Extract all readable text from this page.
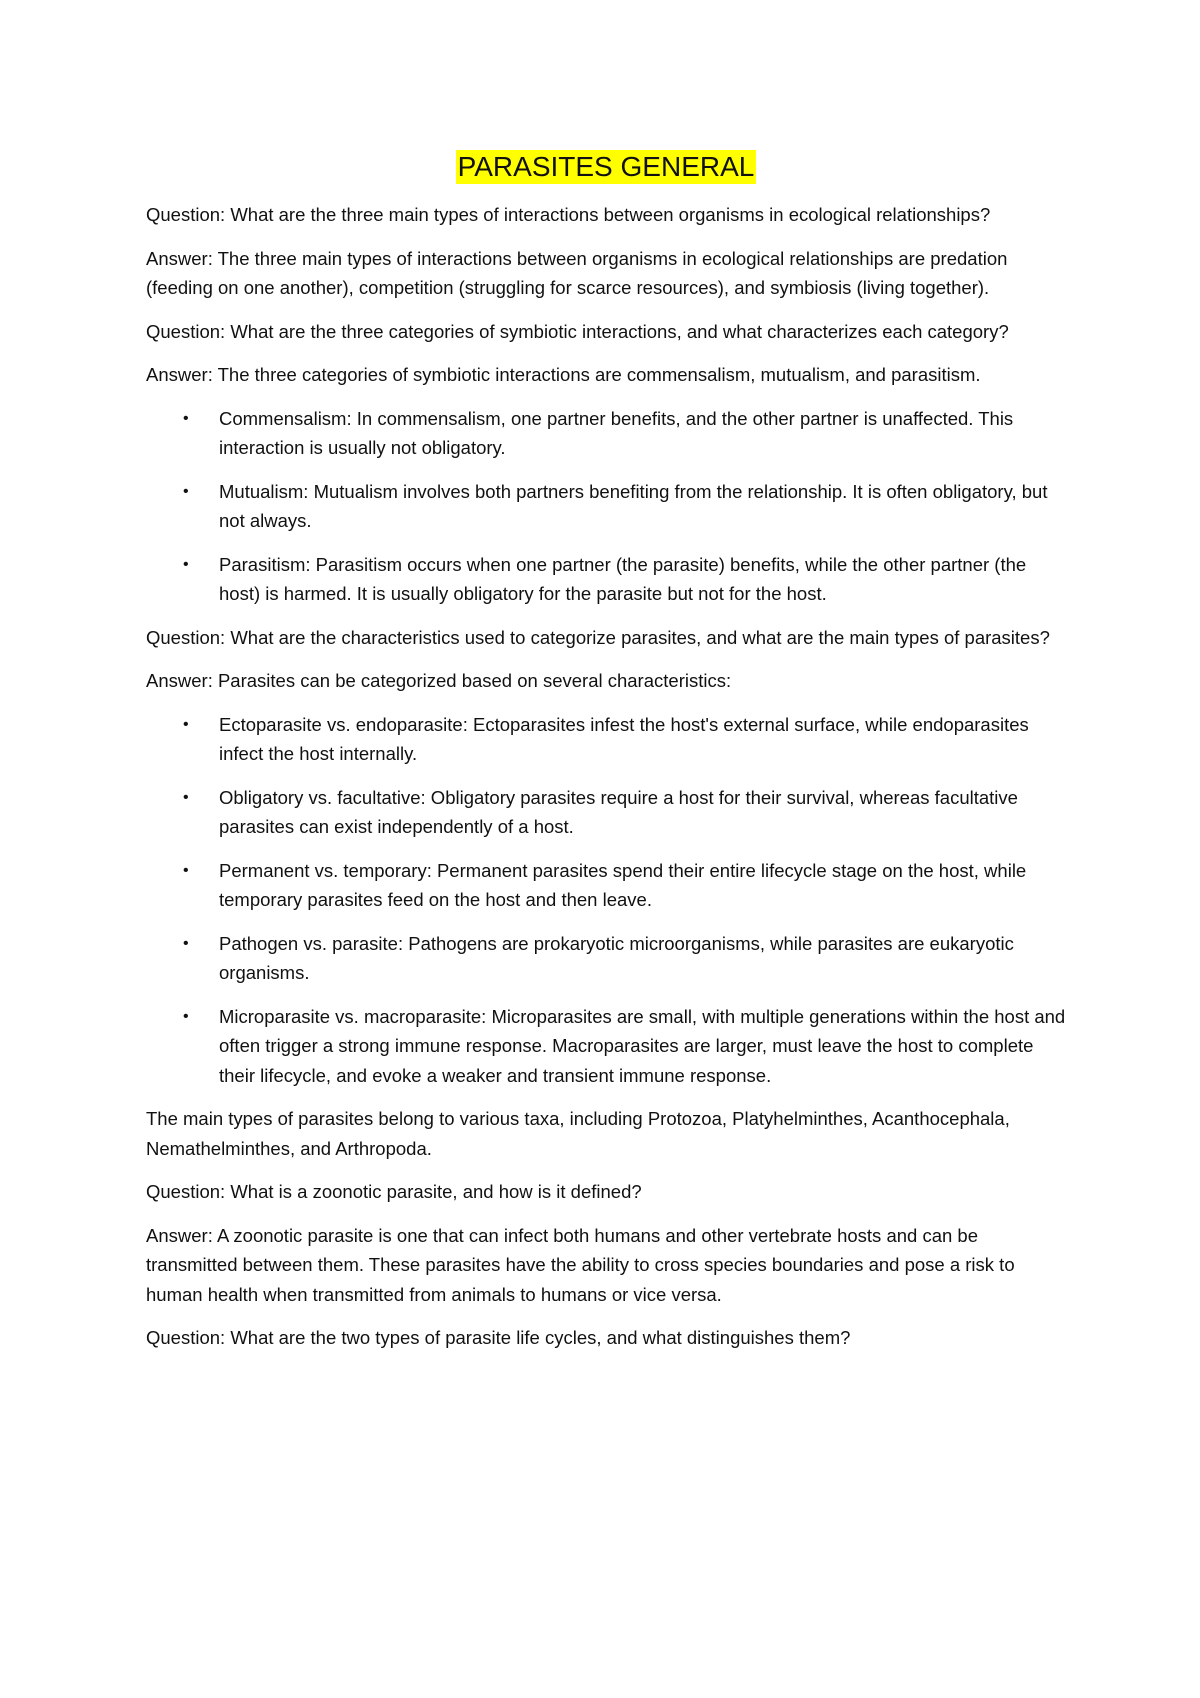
PARASITES GENERAL

Question: What are the three main types of interactions between organisms in ecological relationships?

Answer: The three main types of interactions between organisms in ecological relationships are predation (feeding on one another), competition (struggling for scarce resources), and symbiosis (living together).

Question: What are the three categories of symbiotic interactions, and what characterizes each category?

Answer: The three categories of symbiotic interactions are commensalism, mutualism, and parasitism.

• Commensalism: In commensalism, one partner benefits, and the other partner is unaffected. This interaction is usually not obligatory.
• Mutualism: Mutualism involves both partners benefiting from the relationship. It is often obligatory, but not always.
• Parasitism: Parasitism occurs when one partner (the parasite) benefits, while the other partner (the host) is harmed. It is usually obligatory for the parasite but not for the host.

Question: What are the characteristics used to categorize parasites, and what are the main types of parasites?

Answer: Parasites can be categorized based on several characteristics:

• Ectoparasite vs. endoparasite: Ectoparasites infest the host's external surface, while endoparasites infect the host internally.
• Obligatory vs. facultative: Obligatory parasites require a host for their survival, whereas facultative parasites can exist independently of a host.
• Permanent vs. temporary: Permanent parasites spend their entire lifecycle stage on the host, while temporary parasites feed on the host and then leave.
• Pathogen vs. parasite: Pathogens are prokaryotic microorganisms, while parasites are eukaryotic organisms.
• Microparasite vs. macroparasite: Microparasites are small, with multiple generations within the host and often trigger a strong immune response. Macroparasites are larger, must leave the host to complete their lifecycle, and evoke a weaker and transient immune response.

The main types of parasites belong to various taxa, including Protozoa, Platyhelminthes, Acanthocephala, Nemathelminthes, and Arthropoda.

Question: What is a zoonotic parasite, and how is it defined?

Answer: A zoonotic parasite is one that can infect both humans and other vertebrate hosts and can be transmitted between them. These parasites have the ability to cross species boundaries and pose a risk to human health when transmitted from animals to humans or vice versa.

Question: What are the two types of parasite life cycles, and what distinguishes them?
